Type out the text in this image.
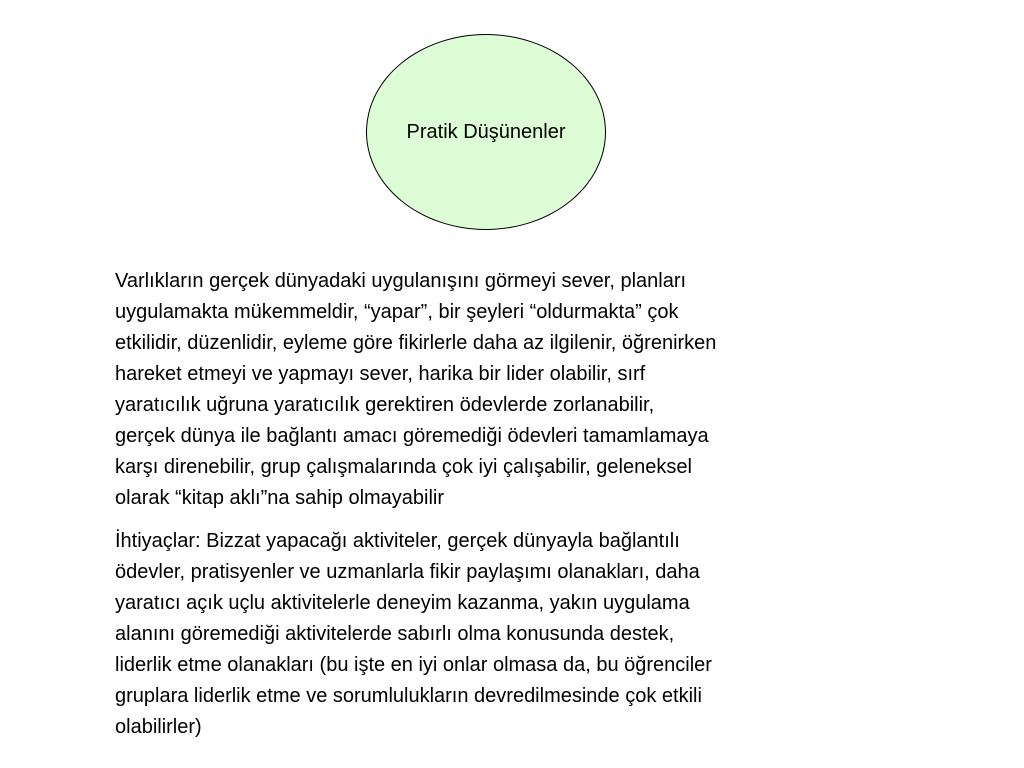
Pratik Düşünenler

Varlıkların gerçek dünyadaki uygulanışını görmeyi sever, planları
uygulamakta mükemmeldir, “yapar”, bir şeyleri “oldurmakta” çok
etkilidir, düzenlidir, eyleme göre fikirlerle daha az ilgilenir, öğrenirken
hareket etmeyi ve yapmayı sever, harika bir lider olabilir, sırf
yaratıcılık uğruna yaratıcılık gerektiren ödevlerde zorlanabilir,
gerçek dünya ile bağlantı amacı göremediği ödevleri tamamlamaya
karşı direnebilir, grup çalışmalarında çok iyi çalışabilir, geleneksel
olarak “kitap aklı”na sahip olmayabilir

İhtiyaçlar: Bizzat yapacağı aktiviteler, gerçek dünyayla bağlantılı
ödevler, pratisyenler ve uzmanlarla fikir paylaşımı olanakları, daha
yaratıcı açık uçlu aktivitelerle deneyim kazanma, yakın uygulama
alanını göremediği aktivitelerde sabırlı olma konusunda destek,
liderlik etme olanakları (bu işte en iyi onlar olmasa da, bu öğrenciler
gruplara liderlik etme ve sorumlulukların devredilmesinde çok etkili
olabilirler)
